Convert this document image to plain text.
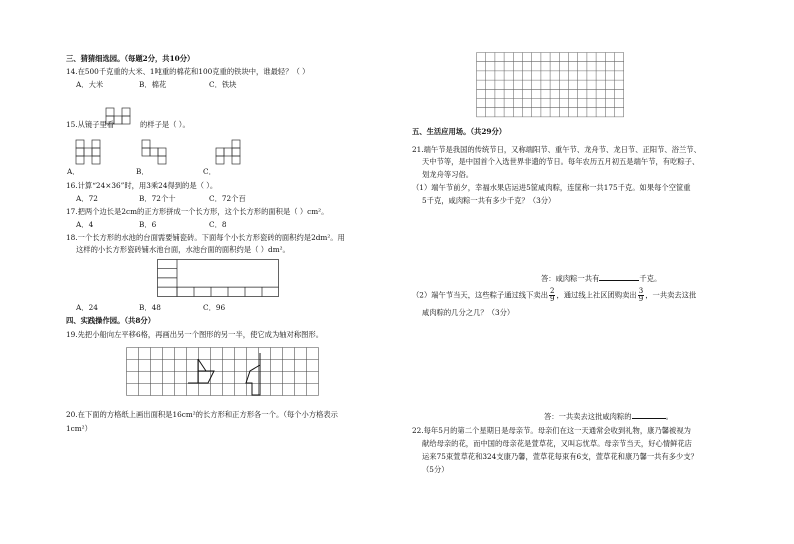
三、猜猜细选园。（每题2分，共10分）
14.在500千克重的大米、1吨重的棉花和100克重的铁块中，谁最轻？（ ）
A．大米	B．棉花	C．铁块
15.从镜子里看	的样子是（ ）。
A．	B．	C．
16.计算“24×36”时，用3乘24得到的是（ ）。
A．72	B．72个十	C．72个百
17.把两个边长是2cm的正方形拼成一个长方形，这个长方形的面积是（ ）cm²。
A．4	B．6	C．8
18.一个长方形的水池的台面需要铺瓷砖。下面每个小长方形瓷砖的面积约是2dm²。用
这样的小长方形瓷砖铺水池台面，水池台面的面积约是（ ）dm²。
A．24	B．48	C．96
四、实践操作园。（共8分）
19.先把小船向左平移6格，再画出另一个图形的另一半，使它成为轴对称图形。
20.在下面的方格纸上画出面积是16cm²的长方形和正方形各一个。（每个小方格表示
1cm²）
五、生活应用场。（共29分）
21.端午节是我国的传统节日，又称端阳节、重午节、龙舟节、龙日节、正阳节、浴兰节、
天中节等，是中国首个入选世界非遗的节日。每年农历五月初五是端午节，有吃粽子、
划龙舟等习俗。
（1）端午节前夕，幸福水果店运进5筐咸肉粽，连筐称一共175千克。如果每个空筐重
5千克，咸肉粽一共有多少千克？（3分）
答：咸肉粽一共有	千克。
（2）端午节当天，这些粽子通过线下卖出 $\frac{2}{9}$ ，通过线上社区团购卖出 $\frac{3}{9}$ ，一共卖去这批
咸肉粽的几分之几？（3分）
答：一共卖去这批咸肉粽的	。
22.每年5月的第二个星期日是母亲节。母亲们在这一天通常会收到礼物，康乃馨被视为
献给母亲的花，而中国的母亲花是萱草花，又叫忘忧草。母亲节当天，好心情鲜花店
运来75束萱草花和324支康乃馨，萱草花每束有6支，萱草花和康乃馨一共有多少支？
（5分）
